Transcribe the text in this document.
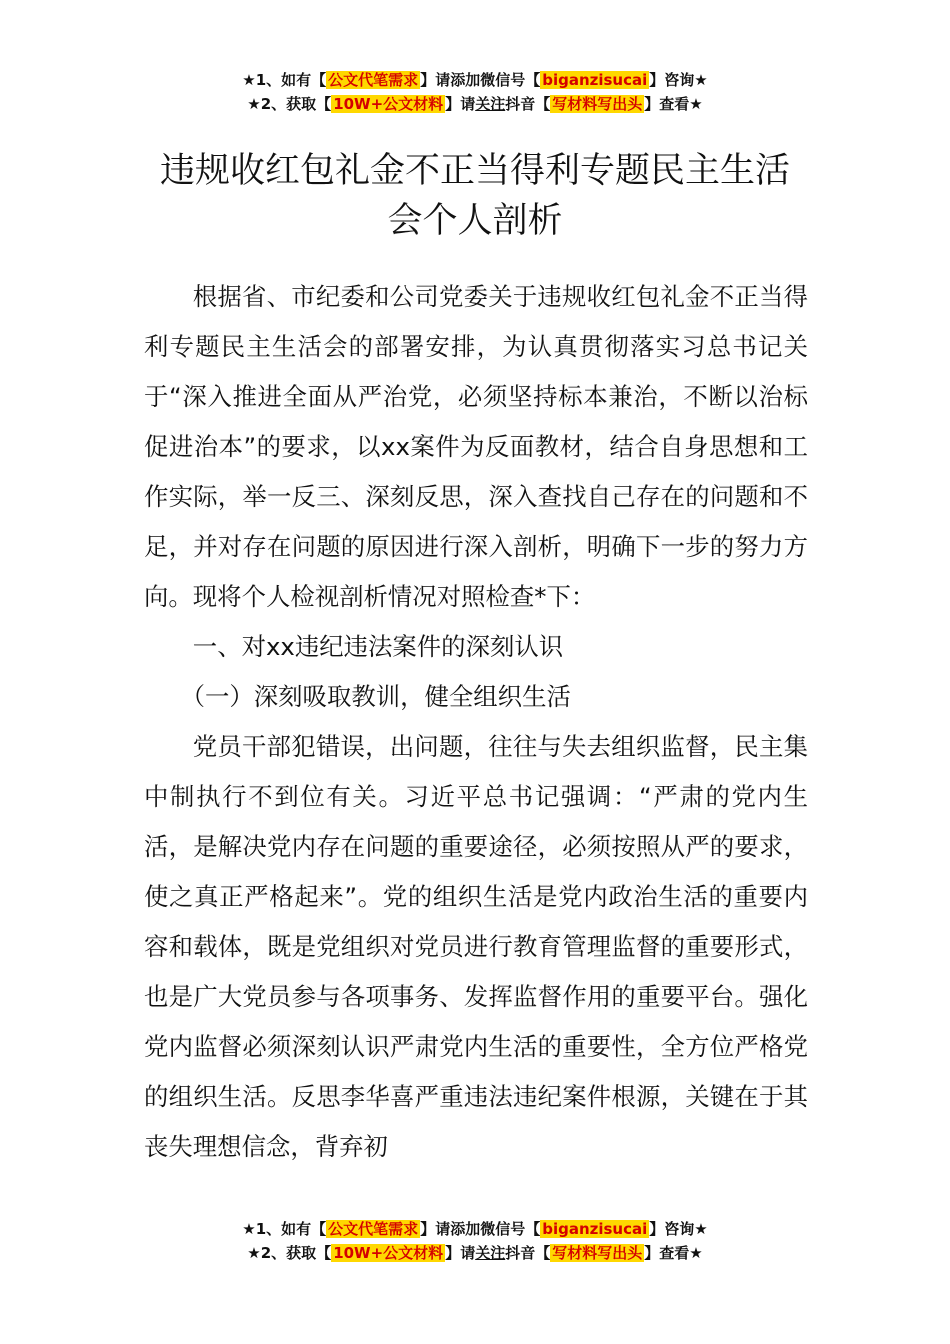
★1、如有【 公文代笔需求 】请添加微信号【 biganzisucai 】咨询★
★2、获取【 10W+公文材料 】请关注抖音【 写材料写出头 】查看★
违规收红包礼金不正当得利专题民主生活
会个人剖析

根据省、市纪委和公司党委关于违规收红包礼金不正当得利专题民主生活会的部署安排，为认真贯彻落实习总书记关于“深入推进全面从严治党，必须坚持标本兼治，不断以治标促进治本”的要求，以xx案件为反面教材，结合自身思想和工作实际，举一反三、深刻反思，深入查找自己存在的问题和不足，并对存在问题的原因进行深入剖析，明确下一步的努力方向。现将个人检视剖析情况对照检查*下：

一、对xx违纪违法案件的深刻认识

（一）深刻吸取教训，健全组织生活

党员干部犯错误，出问题，往往与失去组织监督，民主集中制执行不到位有关。习近平总书记强调：“严肃的党内生活，是解决党内存在问题的重要途径，必须按照从严的要求，使之真正严格起来”。党的组织生活是党内政治生活的重要内容和载体，既是党组织对党员进行教育管理监督的重要形式，也是广大党员参与各项事务、发挥监督作用的重要平台。强化党内监督必须深刻认识严肃党内生活的重要性，全方位严格党的组织生活。反思李华喜严重违法违纪案件根源，关键在于其丧失理想信念，背弃初

★1、如有【 公文代笔需求 】请添加微信号【 biganzisucai 】咨询★
★2、获取【 10W+公文材料 】请关注抖音【 写材料写出头 】查看★
